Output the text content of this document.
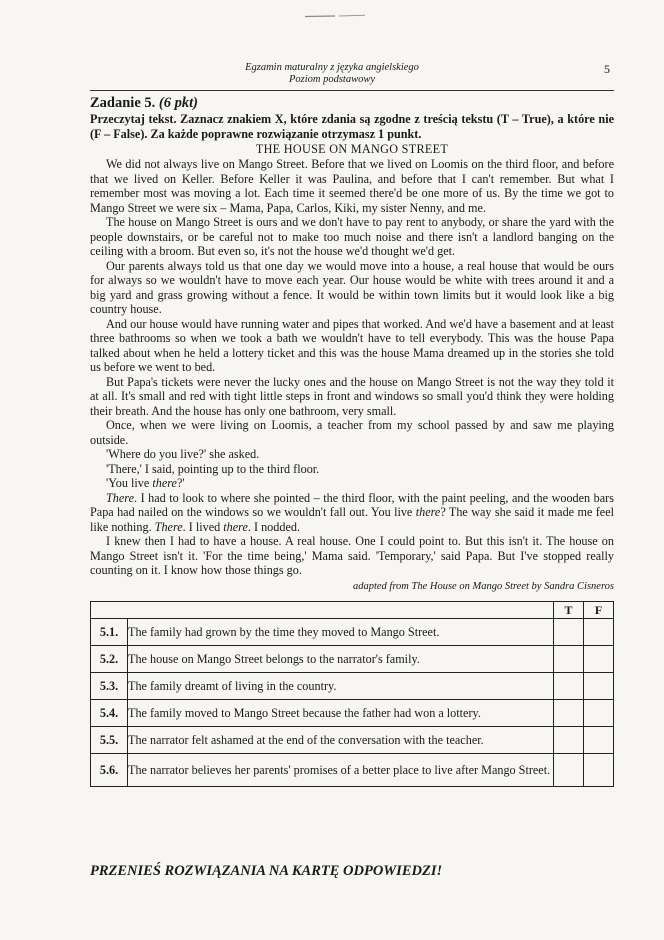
Egzamin maturalny z języka angielskiego
Poziom podstawowy
5

Zadanie 5. (6 pkt)

Przeczytaj tekst. Zaznacz znakiem X, które zdania są zgodne z treścią tekstu (T – True), a które nie (F – False). Za każde poprawne rozwiązanie otrzymasz 1 punkt.

THE HOUSE ON MANGO STREET

We did not always live on Mango Street. Before that we lived on Loomis on the third floor, and before that we lived on Keller. Before Keller it was Paulina, and before that I can't remember. But what I remember most was moving a lot. Each time it seemed there'd be one more of us. By the time we got to Mango Street we were six – Mama, Papa, Carlos, Kiki, my sister Nenny, and me.

The house on Mango Street is ours and we don't have to pay rent to anybody, or share the yard with the people downstairs, or be careful not to make too much noise and there isn't a landlord banging on the ceiling with a broom. But even so, it's not the house we'd thought we'd get.

Our parents always told us that one day we would move into a house, a real house that would be ours for always so we wouldn't have to move each year. Our house would be white with trees around it and a big yard and grass growing without a fence. It would be within town limits but it would look like a big country house.

And our house would have running water and pipes that worked. And we'd have a basement and at least three bathrooms so when we took a bath we wouldn't have to tell everybody. This was the house Papa talked about when he held a lottery ticket and this was the house Mama dreamed up in the stories she told us before we went to bed.

But Papa's tickets were never the lucky ones and the house on Mango Street is not the way they told it at all. It's small and red with tight little steps in front and windows so small you'd think they were holding their breath. And the house has only one bathroom, very small.

Once, when we were living on Loomis, a teacher from my school passed by and saw me playing outside.

'Where do you live?' she asked.

'There,' I said, pointing up to the third floor.

'You live there?'

There. I had to look to where she pointed – the third floor, with the paint peeling, and the wooden bars Papa had nailed on the windows so we wouldn't fall out. You live there? The way she said it made me feel like nothing. There. I lived there. I nodded.

I knew then I had to have a house. A real house. One I could point to. But this isn't it. The house on Mango Street isn't it. 'For the time being,' Mama said. 'Temporary,' said Papa. But I've stopped really counting on it. I know how those things go.

adapted from The House on Mango Street by Sandra Cisneros

		T	F
5.1.	The family had grown by the time they moved to Mango Street.		
5.2.	The house on Mango Street belongs to the narrator's family.		
5.3.	The family dreamt of living in the country.		
5.4.	The family moved to Mango Street because the father had won a lottery.		
5.5.	The narrator felt ashamed at the end of the conversation with the teacher.		
5.6.	The narrator believes her parents' promises of a better place to live after Mango Street.		
PRZENIEŚ ROZWIĄZANIA NA KARTĘ ODPOWIEDZI!
